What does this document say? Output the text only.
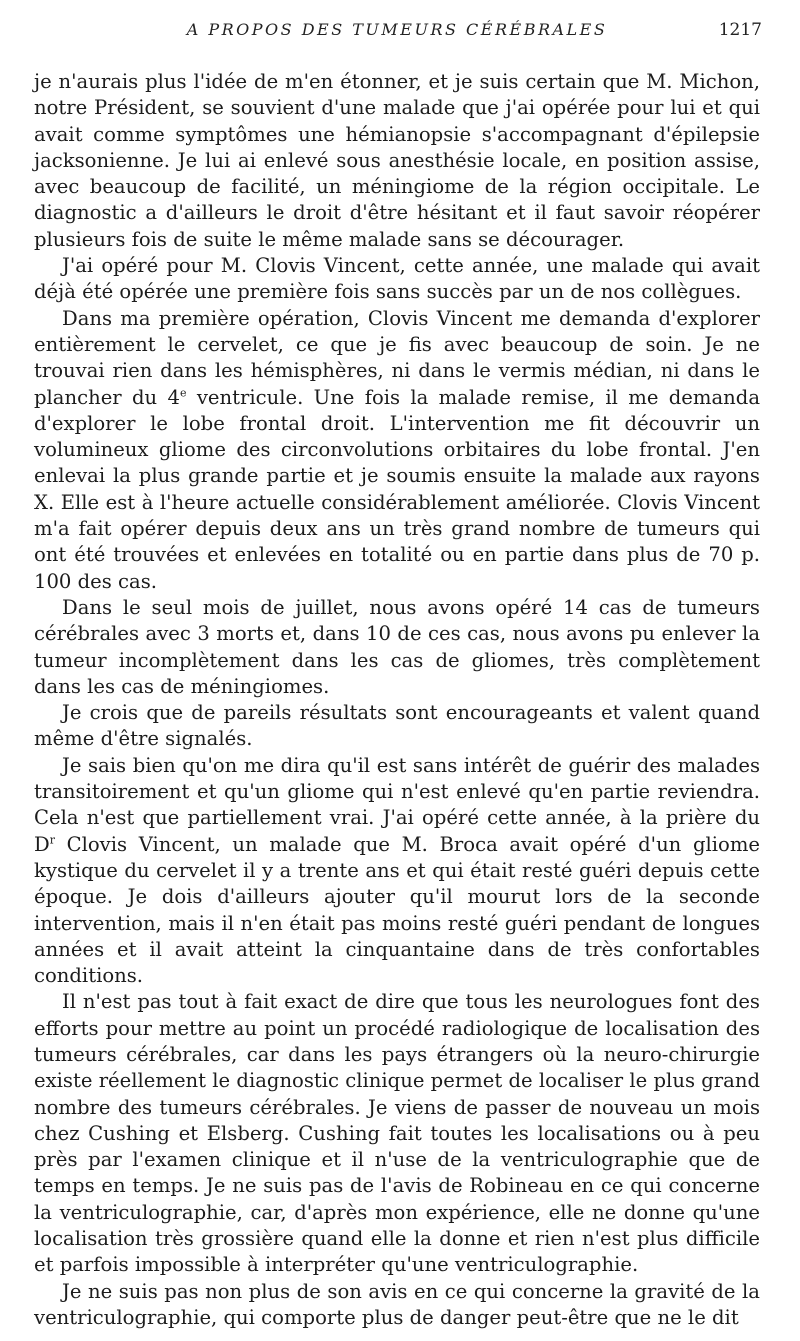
A PROPOS DES TUMEURS CÉRÉBRALES	1217

je n'aurais plus l'idée de m'en étonner, et je suis certain que M. Michon, notre Président, se souvient d'une malade que j'ai opérée pour lui et qui avait comme symptômes une hémianopsie s'accompagnant d'épilepsie jacksonienne. Je lui ai enlevé sous anesthésie locale, en position assise, avec beaucoup de facilité, un méningiome de la région occipitale. Le diagnostic a d'ailleurs le droit d'être hésitant et il faut savoir réopérer plusieurs fois de suite le même malade sans se décourager.

J'ai opéré pour M. Clovis Vincent, cette année, une malade qui avait déjà été opérée une première fois sans succès par un de nos collègues.

Dans ma première opération, Clovis Vincent me demanda d'explorer entièrement le cervelet, ce que je fis avec beaucoup de soin. Je ne trouvai rien dans les hémisphères, ni dans le vermis médian, ni dans le plancher du 4e ventricule. Une fois la malade remise, il me demanda d'explorer le lobe frontal droit. L'intervention me fit découvrir un volumineux gliome des circonvolutions orbitaires du lobe frontal. J'en enlevai la plus grande partie et je soumis ensuite la malade aux rayons X. Elle est à l'heure actuelle considérablement améliorée. Clovis Vincent m'a fait opérer depuis deux ans un très grand nombre de tumeurs qui ont été trouvées et enlevées en totalité ou en partie dans plus de 70 p. 100 des cas.

Dans le seul mois de juillet, nous avons opéré 14 cas de tumeurs cérébrales avec 3 morts et, dans 10 de ces cas, nous avons pu enlever la tumeur incomplètement dans les cas de gliomes, très complètement dans les cas de méningiomes.

Je crois que de pareils résultats sont encourageants et valent quand même d'être signalés.

Je sais bien qu'on me dira qu'il est sans intérêt de guérir des malades transitoirement et qu'un gliome qui n'est enlevé qu'en partie reviendra. Cela n'est que partiellement vrai. J'ai opéré cette année, à la prière du $D^r$ Clovis Vincent, un malade que M. Broca avait opéré d'un gliome kystique du cervelet il y a trente ans et qui était resté guéri depuis cette époque. Je dois d'ailleurs ajouter qu'il mourut lors de la seconde intervention, mais il n'en était pas moins resté guéri pendant de longues années et il avait atteint la cinquantaine dans de très confortables conditions.

Il n'est pas tout à fait exact de dire que tous les neurologues font des efforts pour mettre au point un procédé radiologique de localisation des tumeurs cérébrales, car dans les pays étrangers où la neuro-chirurgie existe réellement le diagnostic clinique permet de localiser le plus grand nombre des tumeurs cérébrales. Je viens de passer de nouveau un mois chez Cushing et Elsberg. Cushing fait toutes les localisations ou à peu près par l'examen clinique et il n'use de la ventriculographie que de temps en temps. Je ne suis pas de l'avis de Robineau en ce qui concerne la ventriculographie, car, d'après mon expérience, elle ne donne qu'une localisation très grossière quand elle la donne et rien n'est plus difficile et parfois impossible à interpréter qu'une ventriculographie.

Je ne suis pas non plus de son avis en ce qui concerne la gravité de la ventriculographie, qui comporte plus de danger peut-être que ne le dit
